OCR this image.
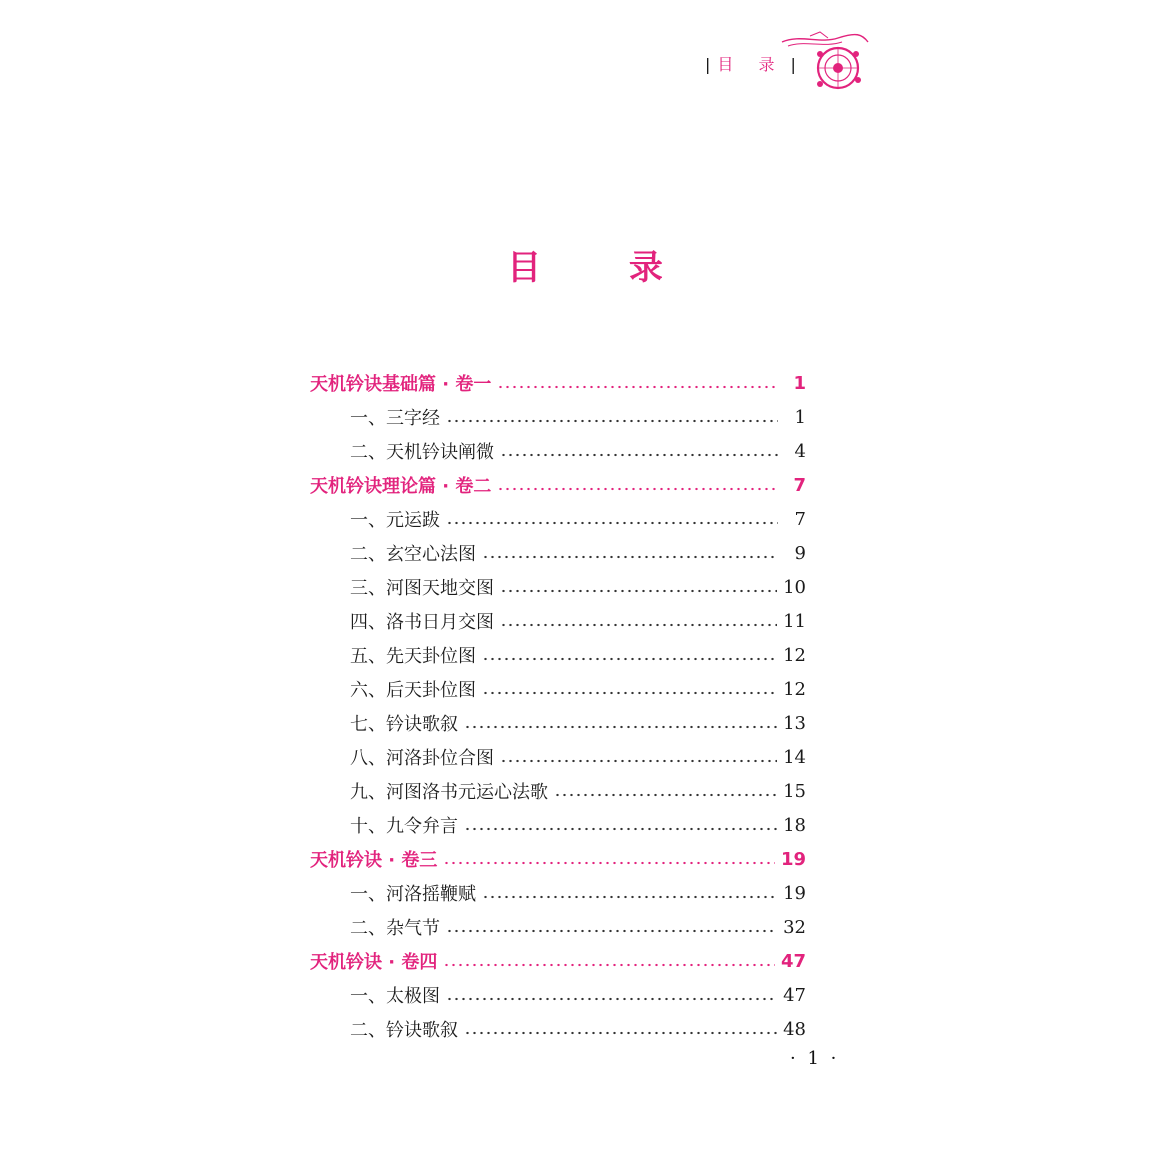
| 目 录 |
目 录
天机钤诀基础篇 · 卷一	1
一、三字经	1
二、天机钤诀阐微	4
天机钤诀理论篇 · 卷二	7
一、元运跋	7
二、玄空心法图	9
三、河图天地交图	10
四、洛书日月交图	11
五、先天卦位图	12
六、后天卦位图	12
七、钤诀歌叙	13
八、河洛卦位合图	14
九、河图洛书元运心法歌	15
十、九令弁言	18
天机钤诀 · 卷三	19
一、河洛摇鞭赋	19
二、杂气节	32
天机钤诀 · 卷四	47
一、太极图	47
二、钤诀歌叙	48
· 1 ·
